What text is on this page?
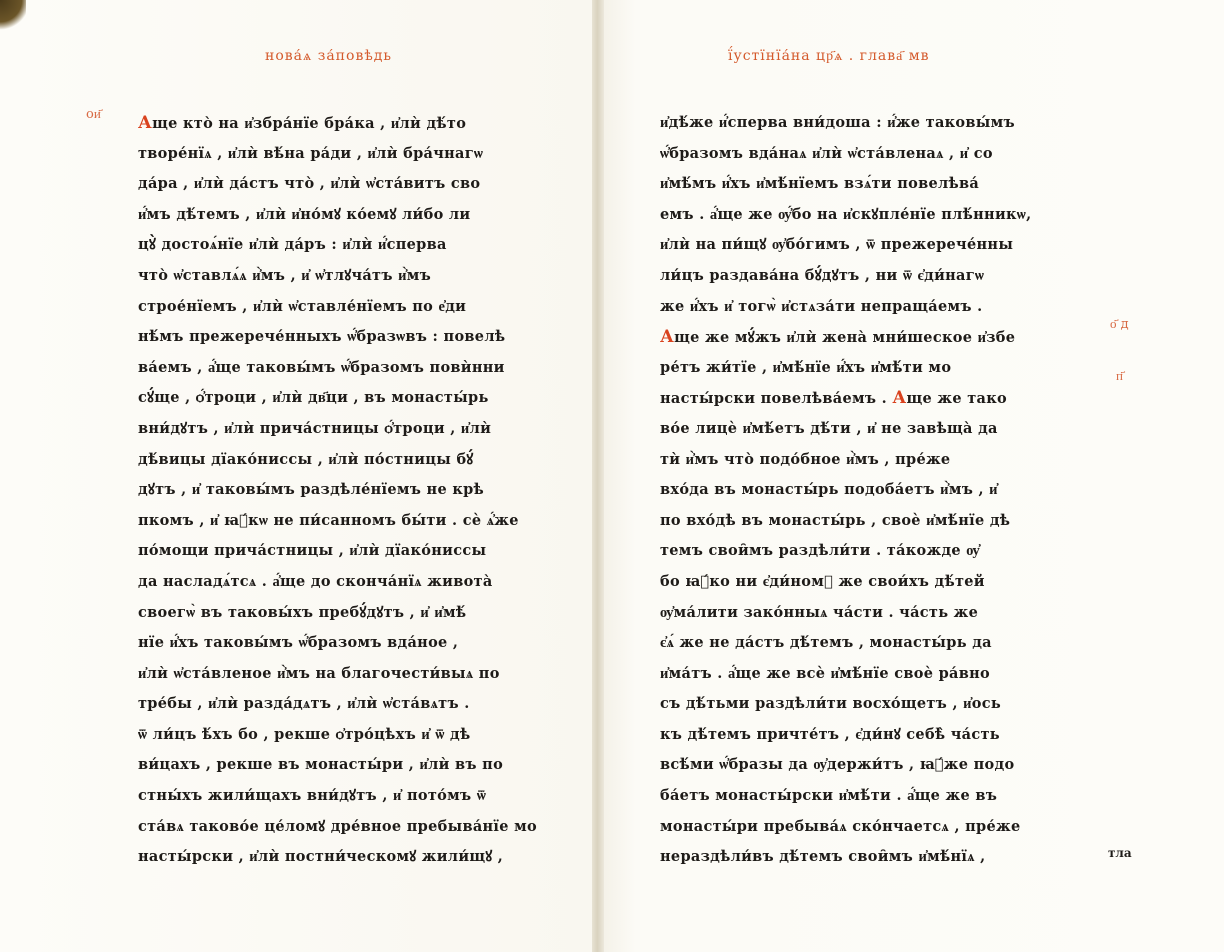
нова́ѧ за́повѣдь	ї́устїнїа́на цр҃ѧ . глава҃ мв
ои҃
о҃ д
п҃
Аще кто̀ на и҆збра́нїе бра́ка , и҆лѝ дѣ́то
творе́нїѧ , и҆лѝ вѣ́на ра́ди , и҆лѝ бра́чнагѡ
да́ра , и҆лѝ да́стъ что̀ , и҆лѝ ѡ҆ста́витъ сво
и҆́мъ дѣ́темъ , и҆лѝ и҆но́мꙋ ко́емꙋ ли́бо ли
цꙋ̀ достоѧ́нїе и҆лѝ да́ръ : и҆лѝ и҆́сперва
что̀ ѡ҆ставлѧ́ѧ и҆̀мъ , и҆ ѡ҆тлꙋча́тъ и҆̀мъ
строе́нїемъ , и҆лѝ ѡ҆ставле́нїемъ по е҆ди
нѣ́мъ прежерече́нныхъ ѡ҆́бразѡвъ : повелѣ
ва́емъ , а҆́ще таковы́мъ ѡ҆́бразомъ повѝнни
сꙋ́ще , ѻ҆́троци , и҆лѝ дв҃ци , въ монасты́рь
вни́дꙋтъ , и҆лѝ прича́стницы ѻ҆́троци , и҆лѝ
дѣ́вицы дїако́ниссы , и҆лѝ по́стницы бꙋ́
дꙋтъ , и҆ таковы́мъ раздѣле́нїемъ не крѣ
пкомъ , и҆ ꙗ҆́кѡ не пи́санномъ бы́ти . сѐ ѧ҆́же
по́мощи прича́стницы , и҆лѝ дїако́ниссы
да насладѧ́тсѧ . а҆́ще до сконча́нїѧ живота̀
своегѡ̀ въ таковы́хъ пребꙋ́дꙋтъ , и҆ и҆мѣ́
нїе и҆́хъ таковы́мъ ѡ҆́бразомъ вда́ное ,
и҆лѝ ѡ҆ста́вленое и҆̀мъ на благочести́выѧ по
тре́бы , и҆лѝ разда́дѧтъ , и҆лѝ ѡ҆ста́вѧтъ .
ѿ ли́цъ ѣ́хъ бо , рекше ѻ҆тро́цѣхъ и҆ ѿ дѣ
ви́цахъ , рекше въ монасты́ри , и҆лѝ въ по
стны́хъ жили́щахъ вни́дꙋтъ , и҆ пото́мъ ѿ
ста́вѧ таково́е це́ломꙋ дре́вное пребыва́нїе мо
насты́рски , и҆лѝ постни́ческомꙋ жили́щꙋ ,
и҆дѣ́же и҆́сперва вни́доша : и҆́же таковы́мъ
ѡ҆́бразомъ вда́наѧ и҆лѝ ѡ҆ста́вленаѧ , и҆ со
и҆мѣ́мъ и҆́хъ и҆мѣ́нїемъ взѧ́ти повелѣва́
емъ . а҆́ще же ѹ҆́бо на и҆скꙋпле́нїе плѣ́нникѡ,
и҆лѝ на пи́щꙋ ѹ҆бо́гимъ , ѿ прежерече́нны
ли́цъ раздава́на бꙋ́дꙋтъ , ни ѿ є҆ди́нагѡ
же и҆́хъ и҆ тогѡ̀ и҆стѧза́ти непраща́емъ .
Аще же мꙋ́жъ и҆лѝ жена̀ мни́шеское и҆збе
ре́тъ жи́тїе , и҆мѣ́нїе и҆́хъ и҆мѣ́ти мо
насты́рски повелѣва́емъ . Аще же тако
во́е лицѐ и҆мѣ́етъ дѣ́ти , и҆ не завѣща̀ да
тѝ и҆̀мъ что̀ подо́бное и҆̀мъ , пре́же
вхо́да въ монасты́рь подоба́етъ и҆̀мъ , и҆
по вхо́дѣ въ монасты́рь , своѐ и҆мѣ́нїе дѣ
темъ свои̑мъ раздѣли́ти . та́кожде ѹ҆
бо ꙗ҆́ко ни є҆ди́номꙋ же свои́хъ дѣ́тей
ѹ҆ма́лити зако́нныѧ ча́сти . ча́сть же
є҆ѧ́ же не да́стъ дѣ́темъ , монасты́рь да
и҆ма́тъ . а҆́ще же всѐ и҆мѣ́нїе своѐ ра́вно
съ дѣ́тьми раздѣли́ти восхо́щетъ , и҆ось
къ дѣ́темъ причте́тъ , є҆ди́нꙋ себѣ̀ ча́сть
всѣ́ми ѡ҆́бразы да ѹ҆держи́тъ , ꙗ҆́же подо
ба́етъ монасты́рски и҆мѣ́ти . а҆́ще же въ
монасты́ри пребыва́ѧ ско́нчаетсѧ , пре́же
нераздѣли́въ дѣ́темъ свои̑мъ и҆мѣ́нїѧ ,	тла
